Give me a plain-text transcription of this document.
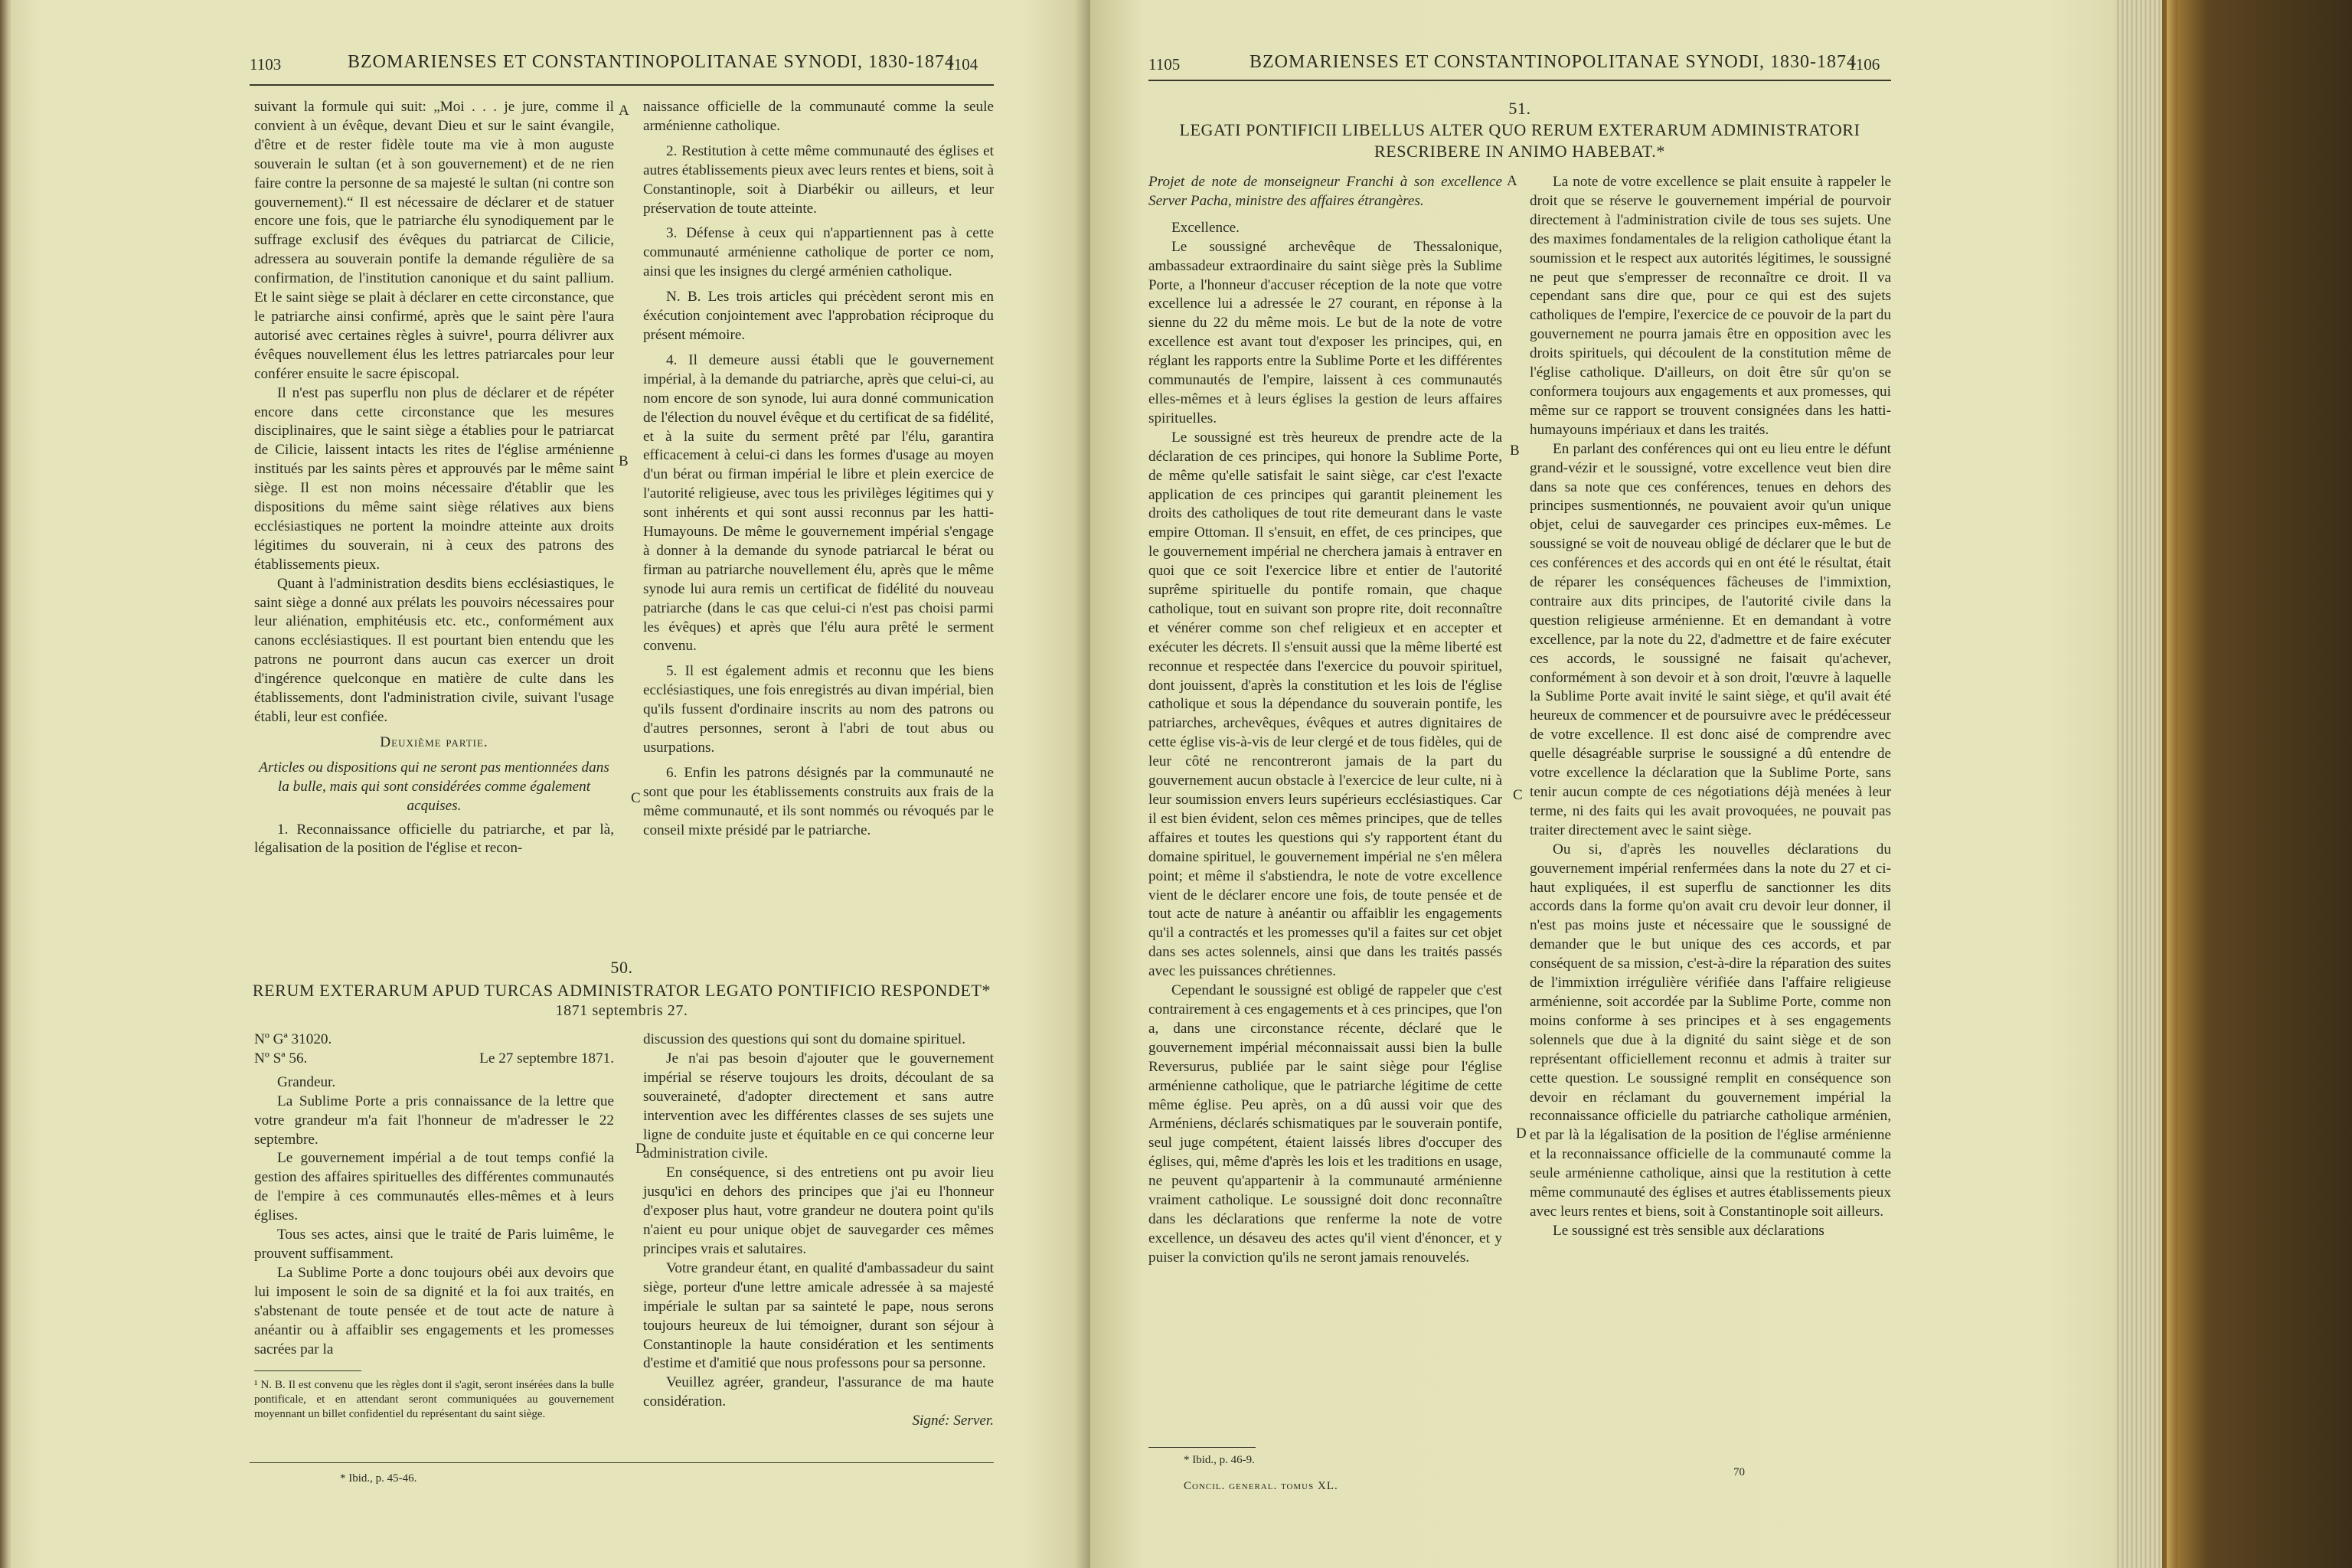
1103	BZOMARIENSES ET CONSTANTINOPOLITANAE SYNODI, 1830-1874
1104

suivant la formule qui suit: „Moi . . . je jure, comme il convient à un évêque, devant Dieu et sur le saint évangile, d'être et de rester fidèle toute ma vie à mon auguste souverain le sultan (et à son gouvernement) et de ne rien faire contre la personne de sa majesté le sultan (ni contre son gouvernement).“ Il est nécessaire de déclarer et de statuer encore une fois, que le patriarche élu synodiquement par le suffrage exclusif des évêques du patriarcat de Cilicie, adressera au souverain pontife la demande régulière de sa confirmation, de l'institution canonique et du saint pallium. Et le saint siège se plait à déclarer en cette circonstance, que le patriarche ainsi confirmé, après que le saint père l'aura autorisé avec certaines règles à suivre¹, pourra délivrer aux évêques nouvellement élus les lettres patriarcales pour leur conférer ensuite le sacre épiscopal.

Il n'est pas superflu non plus de déclarer et de répéter encore dans cette circonstance que les mesures disciplinaires, que le saint siège a établies pour le patriarcat de Cilicie, laissent intacts les rites de l'église arménienne institués par les saints pères et approuvés par le même saint siège. Il est non moins nécessaire d'établir que les dispositions du même saint siège rélatives aux biens ecclésiastiques ne portent la moindre atteinte aux droits légitimes du souverain, ni à ceux des patrons des établissements pieux.

Quant à l'administration desdits biens ecclésiastiques, le saint siège a donné aux prélats les pouvoirs nécessaires pour leur aliénation, emphitéusis etc. etc., conformément aux canons ecclésiastiques. Il est pourtant bien entendu que les patrons ne pourront dans aucun cas exercer un droit d'ingérence quelconque en matière de culte dans les établissements, dont l'administration civile, suivant l'usage établi, leur est confiée.

Deuxième partie.

Articles ou dispositions qui ne seront pas mentionnées dans la bulle, mais qui sont considérées comme également acquises.

1. Reconnaissance officielle du patriarche, et par là, légalisation de la position de l'église et recon-

A
B
C
D

naissance officielle de la communauté comme la seule arménienne catholique.

2. Restitution à cette même communauté des églises et autres établissements pieux avec leurs rentes et biens, soit à Constantinople, soit à Diarbékir ou ailleurs, et leur préservation de toute atteinte.

3. Défense à ceux qui n'appartiennent pas à cette communauté arménienne catholique de porter ce nom, ainsi que les insignes du clergé arménien catholique.

N. B. Les trois articles qui précèdent seront mis en éxécution conjointement avec l'approbation réciproque du présent mémoire.

4. Il demeure aussi établi que le gouvernement impérial, à la demande du patriarche, après que celui-ci, au nom encore de son synode, lui aura donné communication de l'élection du nouvel évêque et du certificat de sa fidélité, et à la suite du serment prêté par l'élu, garantira efficacement à celui-ci dans les formes d'usage au moyen d'un bérat ou firman impérial le libre et plein exercice de l'autorité religieuse, avec tous les privilèges légitimes qui y sont inhérents et qui sont aussi reconnus par les hatti-Humayouns. De même le gouvernement impérial s'engage à donner à la demande du synode patriarcal le bérat ou firman au patriarche nouvellement élu, après que le même synode lui aura remis un certificat de fidélité du nouveau patriarche (dans le cas que celui-ci n'est pas choisi parmi les évêques) et après que l'élu aura prêté le serment convenu.

5. Il est également admis et reconnu que les biens ecclésiastiques, une fois enregistrés au divan impérial, bien qu'ils fussent d'ordinaire inscrits au nom des patrons ou d'autres personnes, seront à l'abri de tout abus ou usurpations.

6. Enfin les patrons désignés par la communauté ne sont que pour les établissements construits aux frais de la même communauté, et ils sont nommés ou révoqués par le conseil mixte présidé par le patriarche.

50.
RERUM EXTERARUM APUD TURCAS ADMINISTRATOR LEGATO PONTIFICIO RESPONDET*
1871 septembris 27.

Nº Gª 31020.

Nº Sª 56.	Le 27 septembre 1871.

Grandeur.

La Sublime Porte a pris connaissance de la lettre que votre grandeur m'a fait l'honneur de m'adresser le 22 septembre.

Le gouvernement impérial a de tout temps confié la gestion des affaires spirituelles des différentes communautés de l'empire à ces communautés elles-mêmes et à leurs églises.

Tous ses actes, ainsi que le traité de Paris luimême, le prouvent suffisamment.

La Sublime Porte a donc toujours obéi aux devoirs que lui imposent le soin de sa dignité et la foi aux traités, en s'abstenant de toute pensée et de tout acte de nature à anéantir ou à affaiblir ses engagements et les promesses sacrées par la

discussion des questions qui sont du domaine spirituel.

Je n'ai pas besoin d'ajouter que le gouvernement impérial se réserve toujours les droits, découlant de sa souveraineté, d'adopter directement et sans autre intervention avec les différentes classes de ses sujets une ligne de conduite juste et équitable en ce qui concerne leur administration civile.

En conséquence, si des entretiens ont pu avoir lieu jusqu'ici en dehors des principes que j'ai eu l'honneur d'exposer plus haut, votre grandeur ne doutera point qu'ils n'aient eu pour unique objet de sauvegarder ces mêmes principes vrais et salutaires.

Votre grandeur étant, en qualité d'ambassadeur du saint siège, porteur d'une lettre amicale adressée à sa majesté impériale le sultan par sa sainteté le pape, nous serons toujours heureux de lui témoigner, durant son séjour à Constantinople la haute considération et les sentiments d'estime et d'amitié que nous professons pour sa personne.

Veuillez agréer, grandeur, l'assurance de ma haute considération.

Signé: Server.

¹ N. B. Il est convenu que les règles dont il s'agit, seront insérées dans la bulle pontificale, et en attendant seront communiquées au gouvernement moyennant un billet confidentiel du représentant du saint siège.
* Ibid., p. 45-46.
1105	BZOMARIENSES ET CONSTANTINOPOLITANAE SYNODI, 1830-1874
1106
51.
LEGATI PONTIFICII LIBELLUS ALTER QUO RERUM EXTERARUM ADMINISTRATORI RESCRIBERE IN ANIMO HABEBAT.*

Projet de note de monseigneur Franchi à son excellence Server Pacha, ministre des affaires étrangères.

Excellence.

Le soussigné archevêque de Thessalonique, ambassadeur extraordinaire du saint siège près la Sublime Porte, a l'honneur d'accuser réception de la note que votre excellence lui a adressée le 27 courant, en réponse à la sienne du 22 du même mois. Le but de la note de votre excellence est avant tout d'exposer les principes, qui, en réglant les rapports entre la Sublime Porte et les différentes communautés de l'empire, laissent à ces communautés elles-mêmes et à leurs églises la gestion de leurs affaires spirituelles.

Le soussigné est très heureux de prendre acte de la déclaration de ces principes, qui honore la Sublime Porte, de même qu'elle satisfait le saint siège, car c'est l'exacte application de ces principes qui garantit pleinement les droits des catholiques de tout rite demeurant dans le vaste empire Ottoman. Il s'ensuit, en effet, de ces principes, que le gouvernement impérial ne cherchera jamais à entraver en quoi que ce soit l'exercice libre et entier de l'autorité suprême spirituelle du pontife romain, que chaque catholique, tout en suivant son propre rite, doit reconnaître et vénérer comme son chef religieux et en accepter et exécuter les décrets. Il s'ensuit aussi que la même liberté est reconnue et respectée dans l'exercice du pouvoir spirituel, dont jouissent, d'après la constitution et les lois de l'église catholique et sous la dépendance du souverain pontife, les patriarches, archevêques, évêques et autres dignitaires de cette église vis-à-vis de leur clergé et de tous fidèles, qui de leur côté ne rencontreront jamais de la part du gouvernement aucun obstacle à l'exercice de leur culte, ni à leur soumission envers leurs supérieurs ecclésiastiques. Car il est bien évident, selon ces mêmes principes, que de telles affaires et toutes les questions qui s'y rapportent étant du domaine spirituel, le gouvernement impérial ne s'en mêlera point; et même il s'abstiendra, le note de votre excellence vient de le déclarer encore une fois, de toute pensée et de tout acte de nature à anéantir ou affaiblir les engagements qu'il a contractés et les promesses qu'il a faites sur cet objet dans ses actes solennels, ainsi que dans les traités passés avec les puissances chrétiennes.

Cependant le soussigné est obligé de rappeler que c'est contrairement à ces engagements et à ces principes, que l'on a, dans une circonstance récente, déclaré que le gouvernement impérial méconnaissait aussi bien la bulle Reversurus, publiée par le saint siège pour l'église arménienne catholique, que le patriarche légitime de cette même église. Peu après, on a dû aussi voir que des Arméniens, déclarés schismatiques par le souverain pontife, seul juge compétent, étaient laissés libres d'occuper des églises, qui, même d'après les lois et les traditions en usage, ne peuvent qu'appartenir à la communauté arménienne vraiment catholique. Le soussigné doit donc reconnaître dans les déclarations que renferme la note de votre excellence, un désaveu des actes qu'il vient d'énoncer, et y puiser la conviction qu'ils ne seront jamais renouvelés.

A
B
C
D

La note de votre excellence se plait ensuite à rappeler le droit que se réserve le gouvernement impérial de pourvoir directement à l'administration civile de tous ses sujets. Une des maximes fondamentales de la religion catholique étant la soumission et le respect aux autorités légitimes, le soussigné ne peut que s'empresser de reconnaître ce droit. Il va cependant sans dire que, pour ce qui est des sujets catholiques de l'empire, l'exercice de ce pouvoir de la part du gouvernement ne pourra jamais être en opposition avec les droits spirituels, qui découlent de la constitution même de l'église catholique. D'ailleurs, on doit être sûr qu'on se conformera toujours aux engagements et aux promesses, qui même sur ce rapport se trouvent consignées dans les hatti-humayouns impériaux et dans les traités.

En parlant des conférences qui ont eu lieu entre le défunt grand-vézir et le soussigné, votre excellence veut bien dire dans sa note que ces conférences, tenues en dehors des principes susmentionnés, ne pouvaient avoir qu'un unique objet, celui de sauvegarder ces principes eux-mêmes. Le soussigné se voit de nouveau obligé de déclarer que le but de ces conférences et des accords qui en ont été le résultat, était de réparer les conséquences fâcheuses de l'immixtion, contraire aux dits principes, de l'autorité civile dans la question religieuse arménienne. Et en demandant à votre excellence, par la note du 22, d'admettre et de faire exécuter ces accords, le soussigné ne faisait qu'achever, conformément à son devoir et à son droit, l'œuvre à laquelle la Sublime Porte avait invité le saint siège, et qu'il avait été heureux de commencer et de poursuivre avec le prédécesseur de votre excellence. Il est donc aisé de comprendre avec quelle désagréable surprise le soussigné a dû entendre de votre excellence la déclaration que la Sublime Porte, sans tenir aucun compte de ces négotiations déjà menées à leur terme, ni des faits qui les avait provoquées, ne pouvait pas traiter directement avec le saint siège.

Ou si, d'après les nouvelles déclarations du gouvernement impérial renfermées dans la note du 27 et ci-haut expliquées, il est superflu de sanctionner les dits accords dans la forme qu'on avait cru devoir leur donner, il n'est pas moins juste et nécessaire que le soussigné de demander que le but unique des ces accords, et par conséquent de sa mission, c'est-à-dire la réparation des suites de l'immixtion irrégulière vérifiée dans l'affaire religieuse arménienne, soit accordée par la Sublime Porte, comme non moins conforme à ses principes et à ses engagements solennels que due à la dignité du saint siège et de son représentant officiellement reconnu et admis à traiter sur cette question. Le soussigné remplit en conséquence son devoir en réclamant du gouvernement impérial la reconnaissance officielle du patriarche catholique arménien, et par là la légalisation de la position de l'église arménienne et la reconnaissance officielle de la communauté comme la seule arménienne catholique, ainsi que la restitution à cette même communauté des églises et autres établissements pieux avec leurs rentes et biens, soit à Constantinople soit ailleurs.

Le soussigné est très sensible aux déclarations

* Ibid., p. 46-9.
Concil. general. tomus XL.
70
